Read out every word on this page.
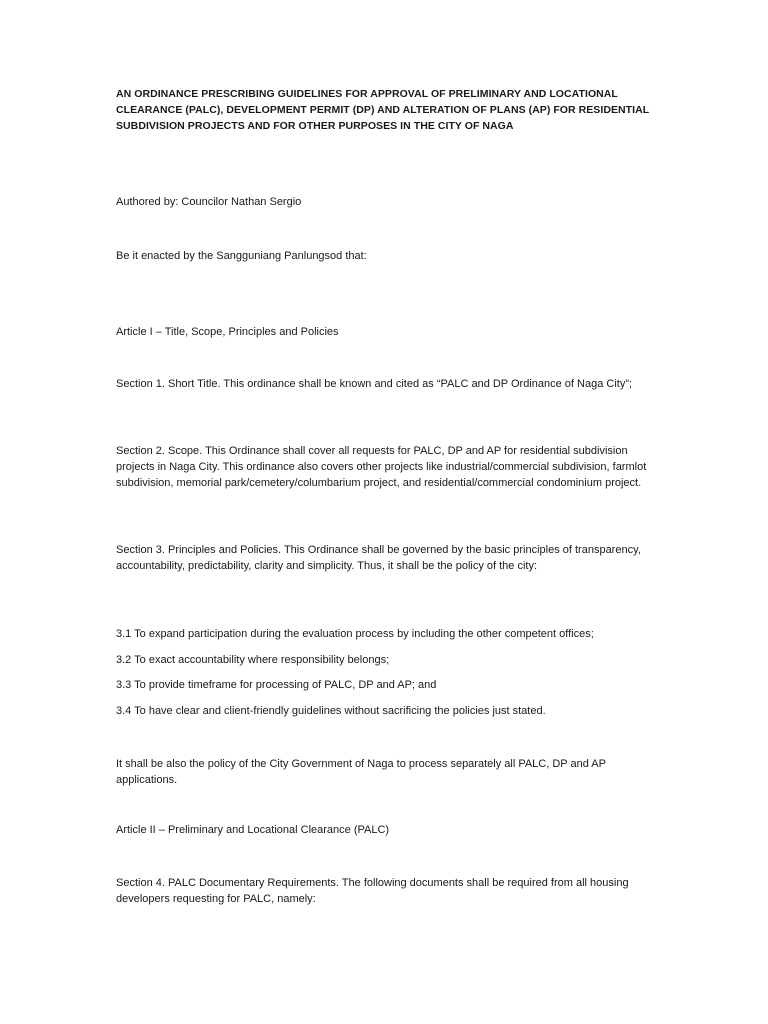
AN ORDINANCE PRESCRIBING GUIDELINES FOR APPROVAL OF PRELIMINARY AND LOCATIONAL CLEARANCE (PALC), DEVELOPMENT PERMIT (DP) AND ALTERATION OF PLANS (AP) FOR RESIDENTIAL SUBDIVISION PROJECTS AND FOR OTHER PURPOSES IN THE CITY OF NAGA

Authored by: Councilor Nathan Sergio

Be it enacted by the Sangguniang Panlungsod that:

Article I – Title, Scope, Principles and Policies

Section 1. Short Title. This ordinance shall be known and cited as “PALC and DP Ordinance of Naga City”;

Section 2. Scope. This Ordinance shall cover all requests for PALC, DP and AP for residential subdivision projects in Naga City. This ordinance also covers other projects like industrial/commercial subdivision, farmlot subdivision, memorial park/cemetery/columbarium project, and residential/commercial condominium project.

Section 3. Principles and Policies. This Ordinance shall be governed by the basic principles of transparency, accountability, predictability, clarity and simplicity. Thus, it shall be the policy of the city:

3.1 To expand participation during the evaluation process by including the other competent offices;

3.2 To exact accountability where responsibility belongs;

3.3 To provide timeframe for processing of PALC, DP and AP; and

3.4 To have clear and client-friendly guidelines without sacrificing the policies just stated.

It shall be also the policy of the City Government of Naga to process separately all PALC, DP and AP applications.

Article II – Preliminary and Locational Clearance (PALC)

Section 4. PALC Documentary Requirements. The following documents shall be required from all housing developers requesting for PALC, namely:
